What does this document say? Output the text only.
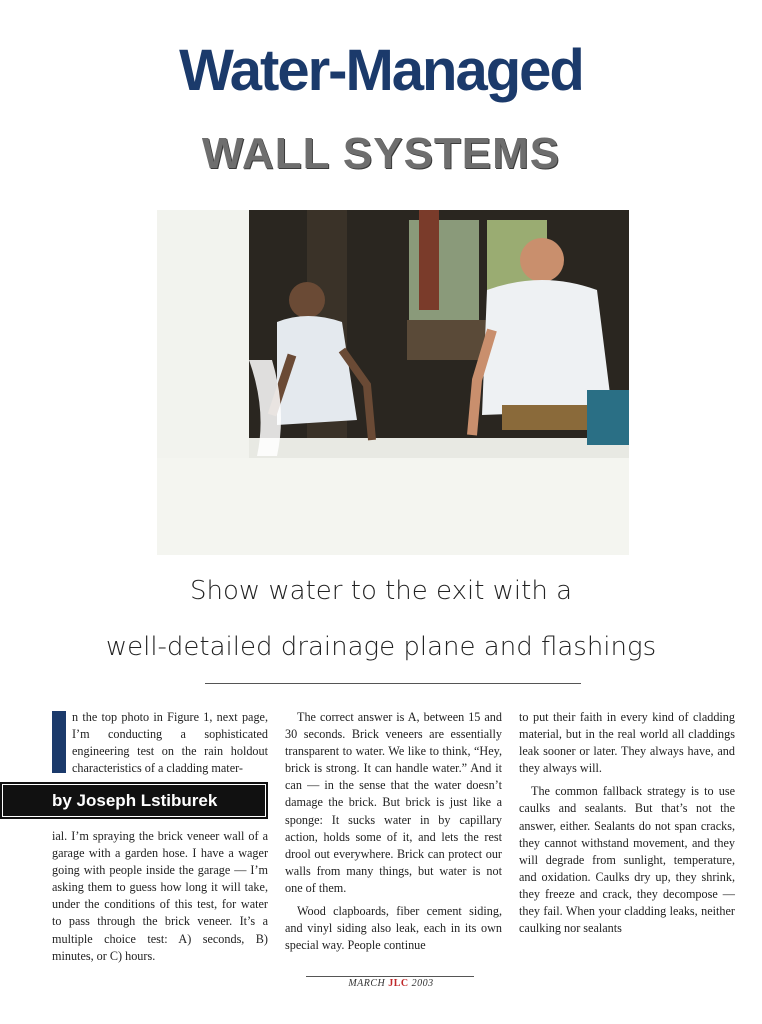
Water-Managed
WALL SYSTEMS
Show water to the exit with a
well-detailed drainage plane and flashings

n the top photo in Figure 1, next page, I’m conducting a sophisticated engineering test on the rain holdout characteristics of a cladding mater-

by Joseph Lstiburek

ial. I’m spraying the brick veneer wall of a garage with a garden hose. I have a wager going with people inside the garage — I’m asking them to guess how long it will take, under the conditions of this test, for water to pass through the brick veneer. It’s a multiple choice test: A) seconds, B) minutes, or C) hours.

The correct answer is A, between 15 and 30 seconds. Brick veneers are essentially transparent to water. We like to think, “Hey, brick is strong. It can handle water.” And it can — in the sense that the water doesn’t damage the brick. But brick is just like a sponge: It sucks water in by capillary action, holds some of it, and lets the rest drool out everywhere. Brick can protect our walls from many things, but water is not one of them.

Wood clapboards, fiber cement siding, and vinyl siding also leak, each in its own special way. People continue

to put their faith in every kind of cladding material, but in the real world all claddings leak sooner or later. They always have, and they always will.

The common fallback strategy is to use caulks and sealants. But that’s not the answer, either. Sealants do not span cracks, they cannot withstand movement, and they will degrade from sunlight, temperature, and oxidation. Caulks dry up, they shrink, they freeze and crack, they decompose — they fail. When your cladding leaks, neither caulking nor sealants

MARCH JLC 2003
